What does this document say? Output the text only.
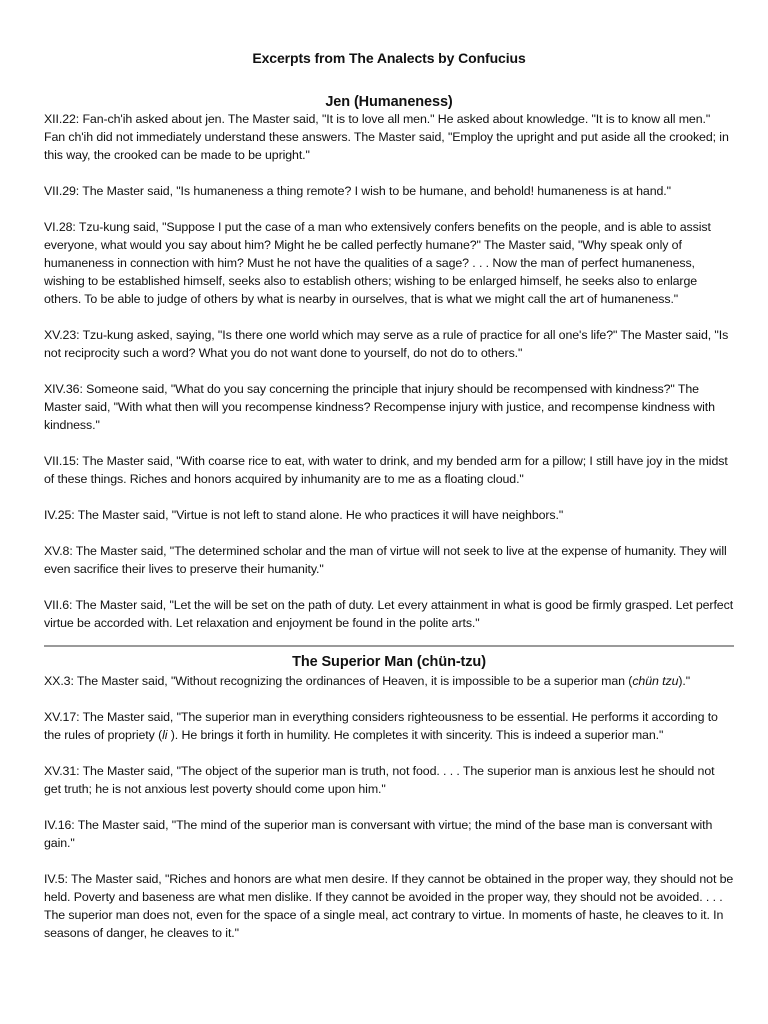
Excerpts from The Analects by Confucius
Jen (Humaneness)

XII.22: Fan-ch'ih asked about jen. The Master said, "It is to love all men." He asked about knowledge. "It is to know all men." Fan ch'ih did not immediately understand these answers. The Master said, "Employ the upright and put aside all the crooked; in this way, the crooked can be made to be upright."

VII.29: The Master said, "Is humaneness a thing remote? I wish to be humane, and behold! humaneness is at hand."

VI.28: Tzu-kung said, "Suppose I put the case of a man who extensively confers benefits on the people, and is able to assist everyone, what would you say about him? Might he be called perfectly humane?" The Master said, "Why speak only of humaneness in connection with him? Must he not have the qualities of a sage? . . . Now the man of perfect humaneness, wishing to be established himself, seeks also to establish others; wishing to be enlarged himself, he seeks also to enlarge others. To be able to judge of others by what is nearby in ourselves, that is what we might call the art of humaneness."

XV.23: Tzu-kung asked, saying, "Is there one world which may serve as a rule of practice for all one's life?" The Master said, "Is not reciprocity such a word? What you do not want done to yourself, do not do to others."

XIV.36: Someone said, "What do you say concerning the principle that injury should be recompensed with kindness?" The Master said, "With what then will you recompense kindness? Recompense injury with justice, and recompense kindness with kindness."

VII.15: The Master said, "With coarse rice to eat, with water to drink, and my bended arm for a pillow; I still have joy in the midst of these things. Riches and honors acquired by inhumanity are to me as a floating cloud."

IV.25: The Master said, "Virtue is not left to stand alone. He who practices it will have neighbors."

XV.8: The Master said, "The determined scholar and the man of virtue will not seek to live at the expense of humanity. They will even sacrifice their lives to preserve their humanity."

VII.6: The Master said, "Let the will be set on the path of duty. Let every attainment in what is good be firmly grasped. Let perfect virtue be accorded with. Let relaxation and enjoyment be found in the polite arts."

The Superior Man (chün-tzu)

XX.3: The Master said, "Without recognizing the ordinances of Heaven, it is impossible to be a superior man (chün tzu)."

XV.17: The Master said, "The superior man in everything considers righteousness to be essential. He performs it according to the rules of propriety (li ). He brings it forth in humility. He completes it with sincerity. This is indeed a superior man."

XV.31: The Master said, "The object of the superior man is truth, not food. . . . The superior man is anxious lest he should not get truth; he is not anxious lest poverty should come upon him."

IV.16: The Master said, "The mind of the superior man is conversant with virtue; the mind of the base man is conversant with gain."

IV.5: The Master said, "Riches and honors are what men desire. If they cannot be obtained in the proper way, they should not be held. Poverty and baseness are what men dislike. If they cannot be avoided in the proper way, they should not be avoided. . . . The superior man does not, even for the space of a single meal, act contrary to virtue. In moments of haste, he cleaves to it. In seasons of danger, he cleaves to it."
